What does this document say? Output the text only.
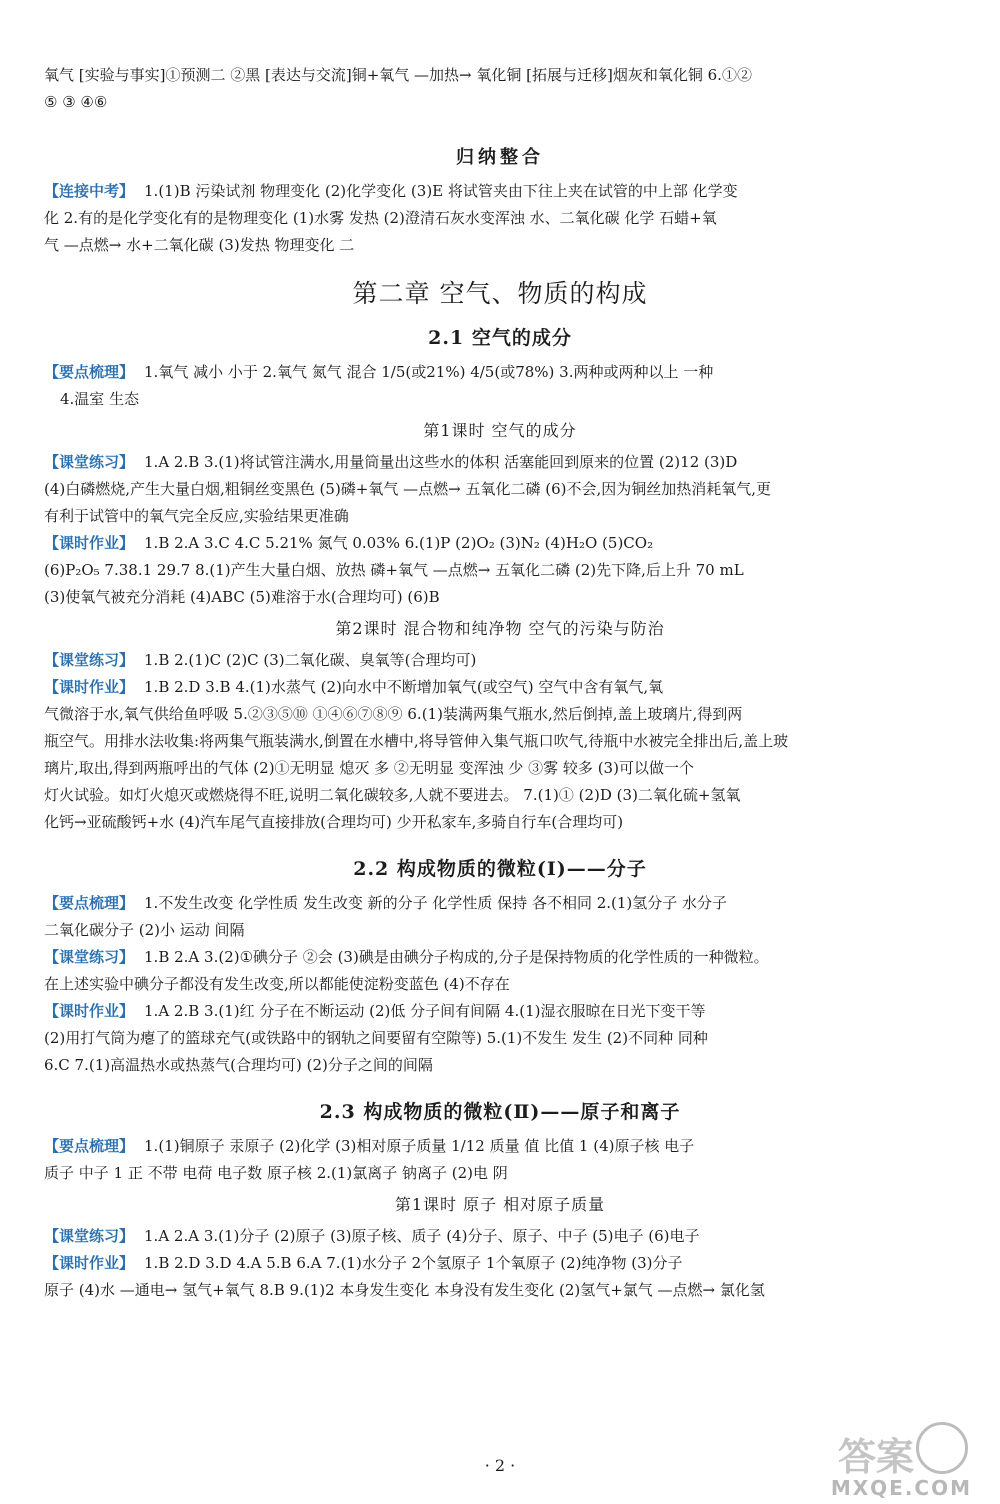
氧气 [实验与事实]①预测二 ②黑 [表达与交流]铜+氧气 —加热→ 氧化铜 [拓展与迁移]烟灰和氧化铜 6.①②
⑤ ③ ④⑥
归纳整合
【连接中考】 1.(1)B 污染试剂 物理变化 (2)化学变化 (3)E 将试管夹由下往上夹在试管的中上部 化学变
化 2.有的是化学变化有的是物理变化 (1)水雾 发热 (2)澄清石灰水变浑浊 水、二氧化碳 化学 石蜡+氧
气 —点燃→ 水+二氧化碳 (3)发热 物理变化 二
第二章 空气、物质的构成
2.1 空气的成分
【要点梳理】 1.氧气 减小 小于 2.氧气 氮气 混合 1/5(或21%) 4/5(或78%) 3.两种或两种以上 一种
4.温室 生态
第1课时 空气的成分
【课堂练习】 1.A 2.B 3.(1)将试管注满水,用量筒量出这些水的体积 活塞能回到原来的位置 (2)12 (3)D
(4)白磷燃烧,产生大量白烟,粗铜丝变黑色 (5)磷+氧气 —点燃→ 五氧化二磷 (6)不会,因为铜丝加热消耗氧气,更
有利于试管中的氧气完全反应,实验结果更准确
【课时作业】 1.B 2.A 3.C 4.C 5.21% 氮气 0.03% 6.(1)P (2)O₂ (3)N₂ (4)H₂O (5)CO₂
(6)P₂O₅ 7.38.1 29.7 8.(1)产生大量白烟、放热 磷+氧气 —点燃→ 五氧化二磷 (2)先下降,后上升 70 mL
(3)使氧气被充分消耗 (4)ABC (5)难溶于水(合理均可) (6)B
第2课时 混合物和纯净物 空气的污染与防治
【课堂练习】 1.B 2.(1)C (2)C (3)二氧化碳、臭氧等(合理均可)
【课时作业】 1.B 2.D 3.B 4.(1)水蒸气 (2)向水中不断增加氧气(或空气) 空气中含有氧气,氧
气微溶于水,氧气供给鱼呼吸 5.②③⑤⑩ ①④⑥⑦⑧⑨ 6.(1)装满两集气瓶水,然后倒掉,盖上玻璃片,得到两
瓶空气。用排水法收集:将两集气瓶装满水,倒置在水槽中,将导管伸入集气瓶口吹气,待瓶中水被完全排出后,盖上玻
璃片,取出,得到两瓶呼出的气体 (2)①无明显 熄灭 多 ②无明显 变浑浊 少 ③雾 较多 (3)可以做一个
灯火试验。如灯火熄灭或燃烧得不旺,说明二氧化碳较多,人就不要进去。 7.(1)① (2)D (3)二氧化硫+氢氧
化钙→亚硫酸钙+水 (4)汽车尾气直接排放(合理均可) 少开私家车,多骑自行车(合理均可)
2.2 构成物质的微粒(Ⅰ)——分子
【要点梳理】 1.不发生改变 化学性质 发生改变 新的分子 化学性质 保持 各不相同 2.(1)氢分子 水分子
二氧化碳分子 (2)小 运动 间隔
【课堂练习】 1.B 2.A 3.(2)①碘分子 ②会 (3)碘是由碘分子构成的,分子是保持物质的化学性质的一种微粒。
在上述实验中碘分子都没有发生改变,所以都能使淀粉变蓝色 (4)不存在
【课时作业】 1.A 2.B 3.(1)红 分子在不断运动 (2)低 分子间有间隔 4.(1)湿衣服晾在日光下变干等
(2)用打气筒为瘪了的篮球充气(或铁路中的钢轨之间要留有空隙等) 5.(1)不发生 发生 (2)不同种 同种
6.C 7.(1)高温热水或热蒸气(合理均可) (2)分子之间的间隔
2.3 构成物质的微粒(Ⅱ)——原子和离子
【要点梳理】 1.(1)铜原子 汞原子 (2)化学 (3)相对原子质量 1/12 质量 值 比值 1 (4)原子核 电子
质子 中子 1 正 不带 电荷 电子数 原子核 2.(1)氯离子 钠离子 (2)电 阴
第1课时 原子 相对原子质量
【课堂练习】 1.A 2.A 3.(1)分子 (2)原子 (3)原子核、质子 (4)分子、原子、中子 (5)电子 (6)电子
【课时作业】 1.B 2.D 3.D 4.A 5.B 6.A 7.(1)水分子 2个氢原子 1个氧原子 (2)纯净物 (3)分子
原子 (4)水 —通电→ 氢气+氧气 8.B 9.(1)2 本身发生变化 本身没有发生变化 (2)氢气+氯气 —点燃→ 氯化氢
· 2 ·	答案
MXQE.COM
